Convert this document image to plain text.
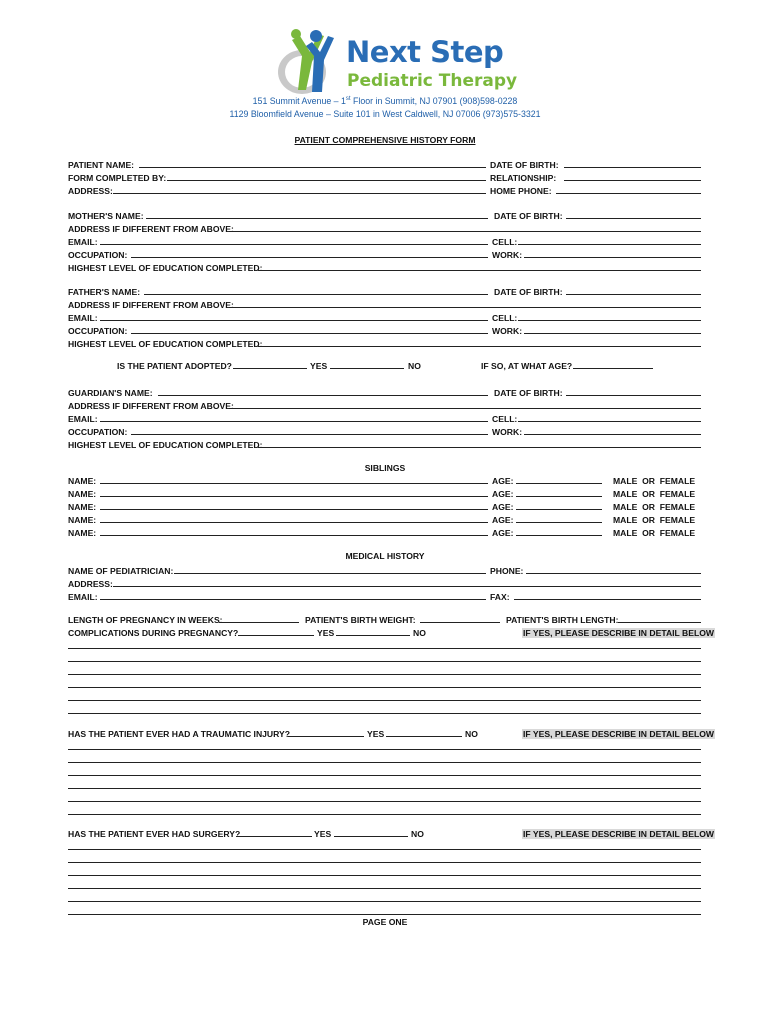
Next Step
Pediatric Therapy
151 Summit Avenue – 1st Floor in Summit, NJ 07901 (908)598-0228
1129 Bloomfield Avenue – Suite 101 in West Caldwell, NJ 07006 (973)575-3321
PATIENT COMPREHENSIVE HISTORY FORM
PATIENT NAME:	DATE OF BIRTH:
FORM COMPLETED BY:	RELATIONSHIP:
ADDRESS:	HOME PHONE:
MOTHER'S NAME:	DATE OF BIRTH:
ADDRESS IF DIFFERENT FROM ABOVE:
EMAIL:	CELL:
OCCUPATION:	WORK:
HIGHEST LEVEL OF EDUCATION COMPLETED:
FATHER'S NAME:	DATE OF BIRTH:
ADDRESS IF DIFFERENT FROM ABOVE:
EMAIL:	CELL:
OCCUPATION:	WORK:
HIGHEST LEVEL OF EDUCATION COMPLETED:
IS THE PATIENT ADOPTED?	YES	NO	IF SO, AT WHAT AGE?
GUARDIAN'S NAME:	DATE OF BIRTH:
ADDRESS IF DIFFERENT FROM ABOVE:
EMAIL:	CELL:
OCCUPATION:	WORK:
HIGHEST LEVEL OF EDUCATION COMPLETED:
SIBLINGS
NAME:	AGE:	MALE  OR  FEMALE
NAME:	AGE:	MALE  OR  FEMALE
NAME:	AGE:	MALE  OR  FEMALE
NAME:	AGE:	MALE  OR  FEMALE
NAME:	AGE:	MALE  OR  FEMALE
MEDICAL HISTORY
NAME OF PEDIATRICIAN:	PHONE:
ADDRESS:
EMAIL:	FAX:
LENGTH OF PREGNANCY IN WEEKS:	PATIENT'S BIRTH WEIGHT:	PATIENT'S BIRTH LENGTH:
COMPLICATIONS DURING PREGNANCY?	YES	NO	IF YES, PLEASE DESCRIBE IN DETAIL BELOW
HAS THE PATIENT EVER HAD A TRAUMATIC INJURY?	YES	NO	IF YES, PLEASE DESCRIBE IN DETAIL BELOW
HAS THE PATIENT EVER HAD SURGERY?	YES	NO	IF YES, PLEASE DESCRIBE IN DETAIL BELOW
PAGE ONE
